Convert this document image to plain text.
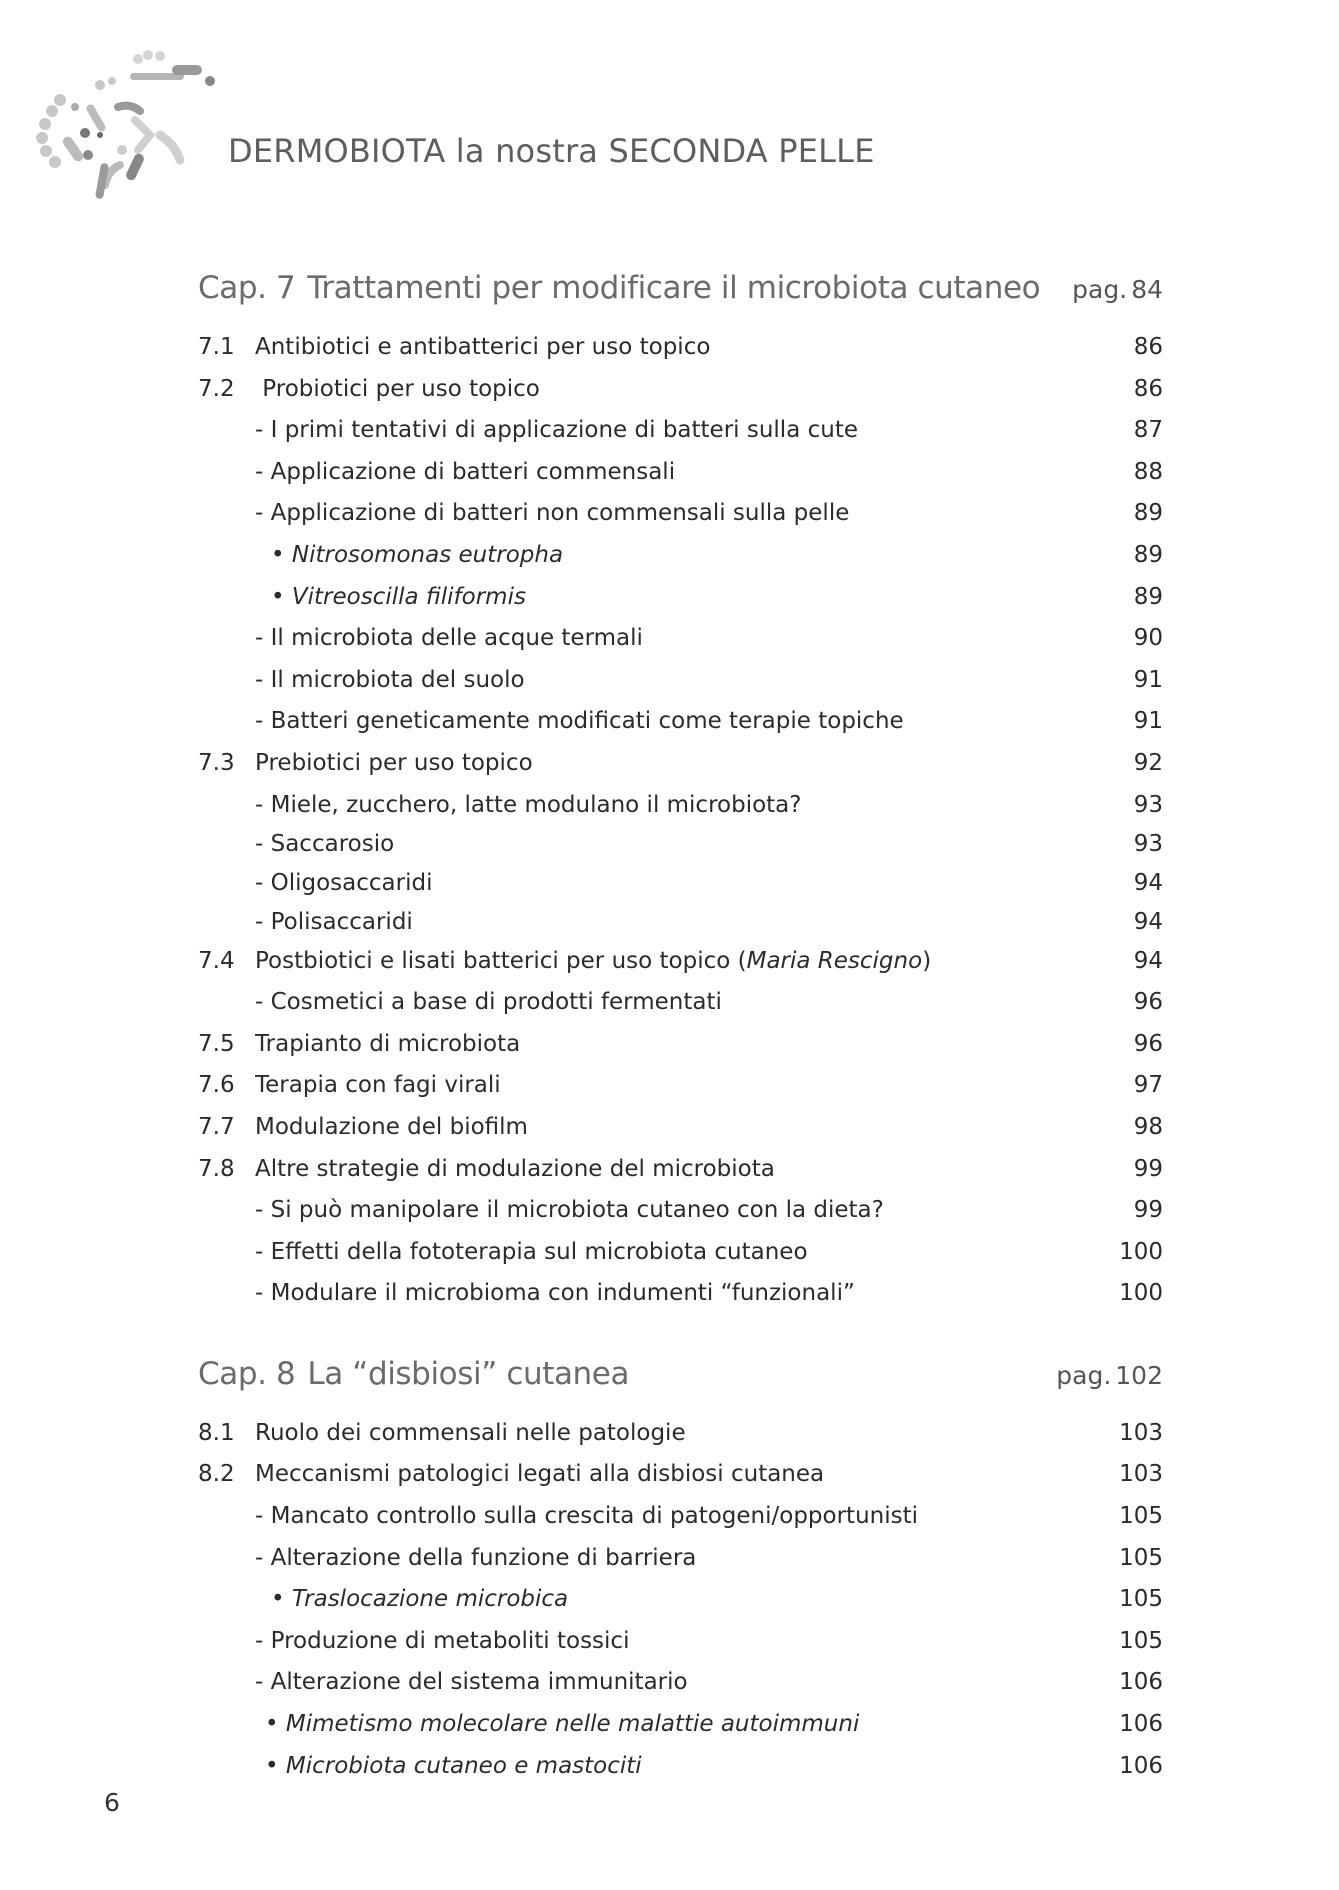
DERMOBIOTA la nostra SECONDA PELLE
Cap. 7 Trattamenti per modificare il microbiota cutaneo pag. 84
7.1 Antibiotici e antibatterici per uso topico	86
7.2 Probiotici per uso topico	86
- I primi tentativi di applicazione di batteri sulla cute	87
- Applicazione di batteri commensali	88
- Applicazione di batteri non commensali sulla pelle	89
• Nitrosomonas eutropha	89
• Vitreoscilla filiformis	89
- Il microbiota delle acque termali	90
- Il microbiota del suolo	91
- Batteri geneticamente modificati come terapie topiche	91
7.3 Prebiotici per uso topico	92
- Miele, zucchero, latte modulano il microbiota?	93
- Saccarosio	93
- Oligosaccaridi	94
- Polisaccaridi	94
7.4 Postbiotici e lisati batterici per uso topico (Maria Rescigno)	94
- Cosmetici a base di prodotti fermentati	96
7.5 Trapianto di microbiota	96
7.6 Terapia con fagi virali	97
7.7 Modulazione del biofilm	98
7.8 Altre strategie di modulazione del microbiota	99
- Si può manipolare il microbiota cutaneo con la dieta?	99
- Effetti della fototerapia sul microbiota cutaneo	100
- Modulare il microbioma con indumenti “funzionali”	100
Cap. 8 La “disbiosi” cutanea	pag. 102
8.1 Ruolo dei commensali nelle patologie	103
8.2 Meccanismi patologici legati alla disbiosi cutanea	103
- Mancato controllo sulla crescita di patogeni/opportunisti	105
- Alterazione della funzione di barriera	105
• Traslocazione microbica	105
- Produzione di metaboliti tossici	105
- Alterazione del sistema immunitario	106
• Mimetismo molecolare nelle malattie autoimmuni	106
• Microbiota cutaneo e mastociti	106
6
